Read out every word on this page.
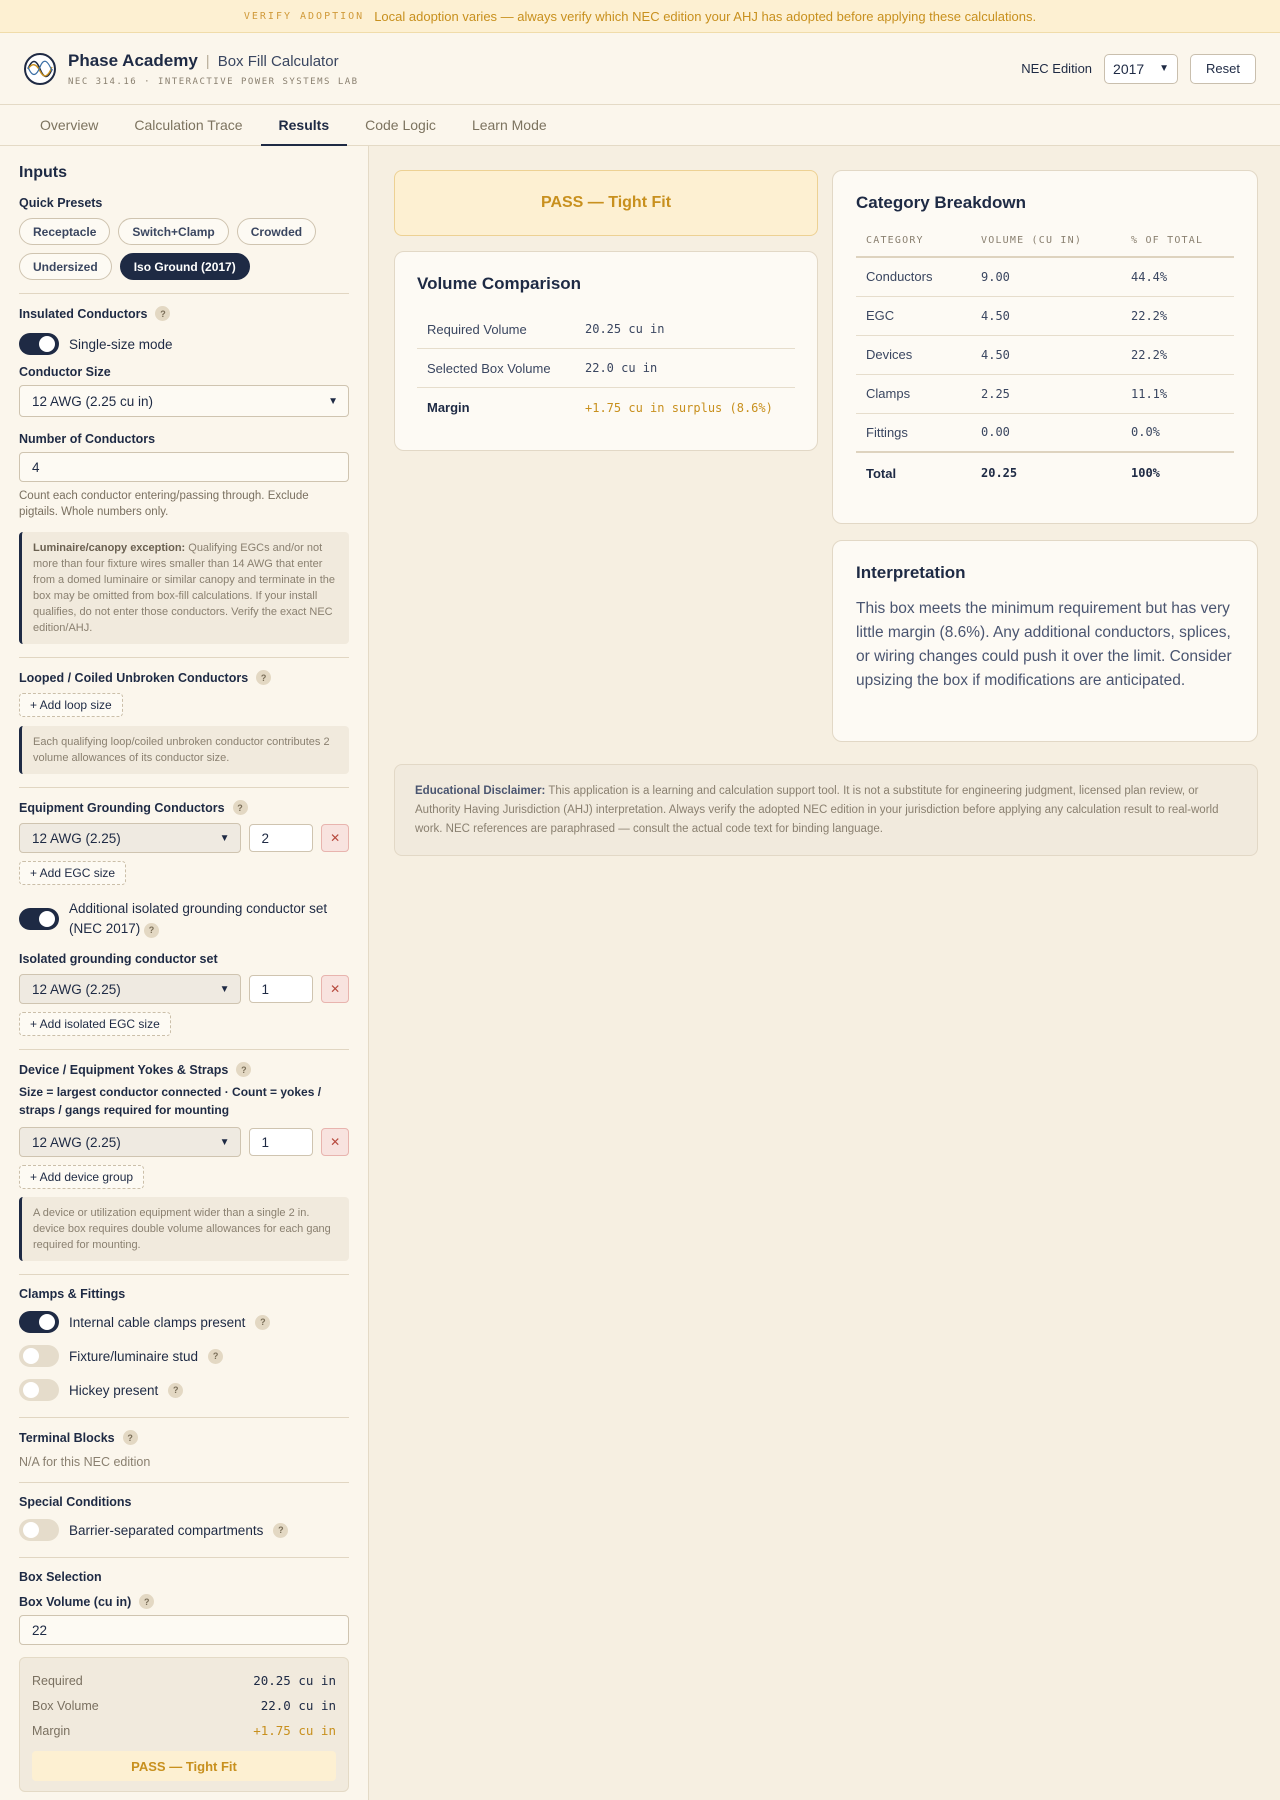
VERIFY ADOPTION Local adoption varies — always verify which NEC edition your AHJ has adopted before applying these calculations.
Phase Academy | Box Fill Calculator
NEC 314.16 · INTERACTIVE POWER SYSTEMS LAB
NEC Edition 2017 ▼	Reset
Overview	Calculation Trace	Results	Code Logic	Learn Mode
Inputs
Quick Presets
Receptacle	Switch+Clamp	Crowded
Undersized	Iso Ground (2017)
Insulated Conductors	?
Single-size mode
Conductor Size
12 AWG (2.25 cu in)	▼
Number of Conductors
4
Count each conductor entering/passing through. Exclude pigtails. Whole numbers only.
Luminaire/canopy exception: Qualifying EGCs and/or not more than four fixture wires smaller than 14 AWG that enter from a domed luminaire or similar canopy and terminate in the box may be omitted from box-fill calculations. If your install qualifies, do not enter those conductors. Verify the exact NEC edition/AHJ.
Looped / Coiled Unbroken Conductors	?
+ Add loop size
Each qualifying loop/coiled unbroken conductor contributes 2 volume allowances of its conductor size.
Equipment Grounding Conductors	?
12 AWG (2.25)	▼	2	✕
+ Add EGC size
Additional isolated grounding conductor set (NEC 2017) ?
Isolated grounding conductor set
12 AWG (2.25)	▼	1	✕
+ Add isolated EGC size
Device / Equipment Yokes & Straps	?
Size = largest conductor connected · Count = yokes / straps / gangs required for mounting
12 AWG (2.25)	▼	1	✕
+ Add device group
A device or utilization equipment wider than a single 2 in. device box requires double volume allowances for each gang required for mounting.
Clamps & Fittings
Internal cable clamps present	?
Fixture/luminaire stud	?
Hickey present	?
Terminal Blocks	?
N/A for this NEC edition
Special Conditions
Barrier-separated compartments	?
Box Selection
Box Volume (cu in)	?
22
Required	20.25 cu in
Box Volume	22.0 cu in
Margin	+1.75 cu in
PASS — Tight Fit
PASS — Tight Fit
Volume Comparison
Required Volume	20.25 cu in
Selected Box Volume	22.0 cu in
Margin	+1.75 cu in surplus (8.6%)
Category Breakdown
CATEGORY	VOLUME (CU IN)	% OF TOTAL
Conductors	9.00	44.4%
EGC	4.50	22.2%
Devices	4.50	22.2%
Clamps	2.25	11.1%
Fittings	0.00	0.0%
Total	20.25	100%
Interpretation
This box meets the minimum requirement but has very little margin (8.6%). Any additional conductors, splices, or wiring changes could push it over the limit. Consider upsizing the box if modifications are anticipated.
Educational Disclaimer: This application is a learning and calculation support tool. It is not a substitute for engineering judgment, licensed plan review, or Authority Having Jurisdiction (AHJ) interpretation. Always verify the adopted NEC edition in your jurisdiction before applying any calculation result to real-world work. NEC references are paraphrased — consult the actual code text for binding language.
